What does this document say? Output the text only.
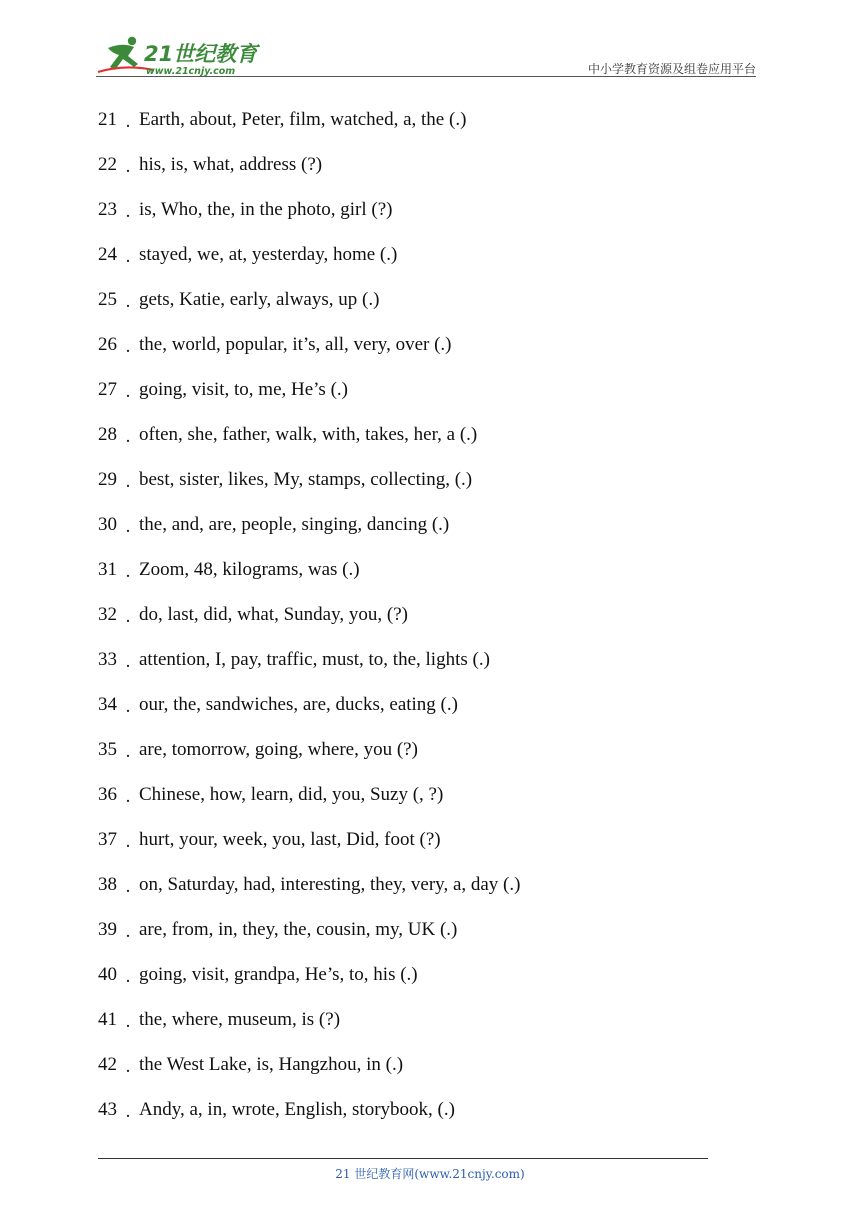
21世纪教育
www.21cnjy.com	中小学教育资源及组卷应用平台
21 . Earth, about, Peter, film, watched, a, the (.)
22 . his, is, what, address (?)
23 . is, Who, the, in the photo, girl (?)
24 . stayed, we, at, yesterday, home (.)
25 . gets, Katie, early, always, up (.)
26 . the, world, popular, it’s, all, very, over (.)
27 . going, visit, to, me, He’s (.)
28 . often, she, father, walk, with, takes, her, a (.)
29 . best, sister, likes, My, stamps, collecting, (.)
30 . the, and, are, people, singing, dancing (.)
31 . Zoom, 48, kilograms, was (.)
32 . do, last, did, what, Sunday, you, (?)
33 . attention, I, pay, traffic, must, to, the, lights (.)
34 . our, the, sandwiches, are, ducks, eating (.)
35 . are, tomorrow, going, where, you (?)
36 . Chinese, how, learn, did, you, Suzy (, ?)
37 . hurt, your, week, you, last, Did, foot (?)
38 . on, Saturday, had, interesting, they, very, a, day (.)
39 . are, from, in, they, the, cousin, my, UK (.)
40 . going, visit, grandpa, He’s, to, his (.)
41 . the, where, museum, is (?)
42 . the West Lake, is, Hangzhou, in (.)
43 . Andy, a, in, wrote, English, storybook, (.)
21 世纪教育网(www.21cnjy.com)
